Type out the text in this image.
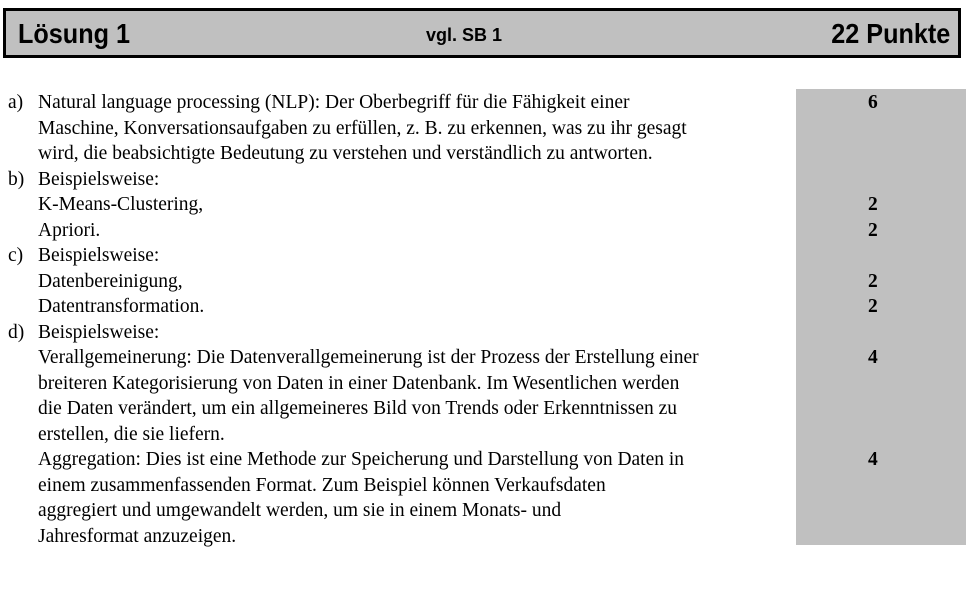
Lösung 1	vgl. SB 1	22 Punkte
a) Natural language processing (NLP): Der Oberbegriff für die Fähigkeit einer	6
Maschine, Konversationsaufgaben zu erfüllen, z. B. zu erkennen, was zu ihr gesagt
wird, die beabsichtigte Bedeutung zu verstehen und verständlich zu antworten.
b) Beispielsweise:
K-Means-Clustering,	2
Apriori.	2
c) Beispielsweise:
Datenbereinigung,	2
Datentransformation.	2
d) Beispielsweise:
Verallgemeinerung: Die Datenverallgemeinerung ist der Prozess der Erstellung einer	4
breiteren Kategorisierung von Daten in einer Datenbank. Im Wesentlichen werden
die Daten verändert, um ein allgemeineres Bild von Trends oder Erkenntnissen zu
erstellen, die sie liefern.
Aggregation: Dies ist eine Methode zur Speicherung und Darstellung von Daten in	4
einem zusammenfassenden Format. Zum Beispiel können Verkaufsdaten
aggregiert und umgewandelt werden, um sie in einem Monats- und
Jahresformat anzuzeigen.
